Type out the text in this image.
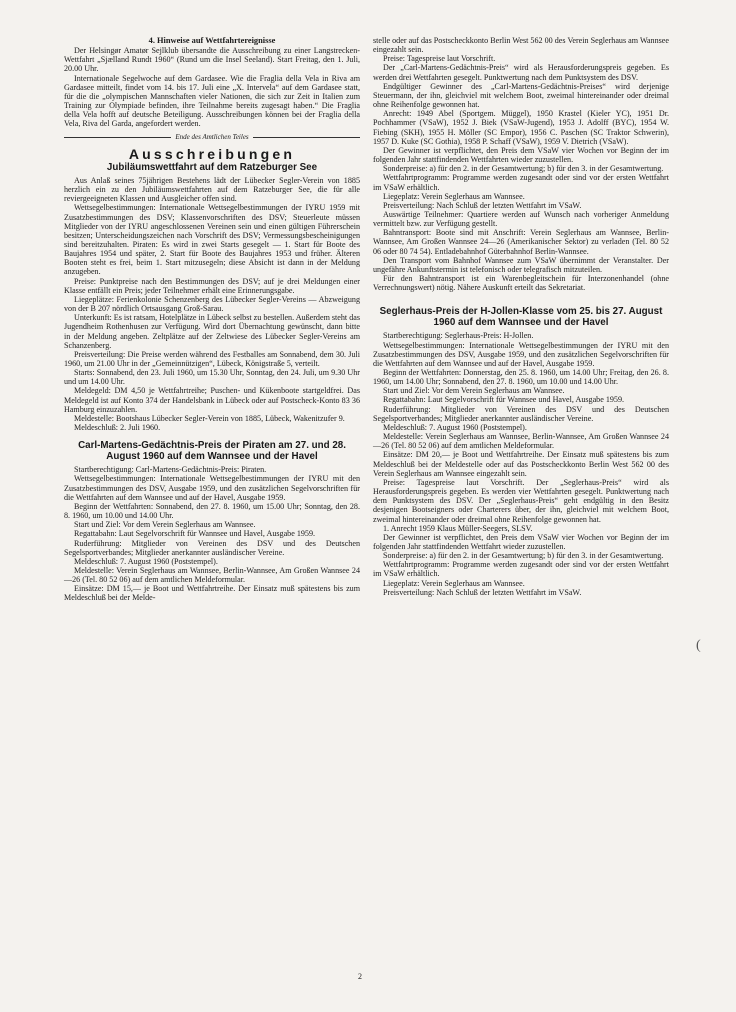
4. Hinweise auf Wettfahrtereignisse

Der Helsingør Amatør Sejlklub übersandte die Ausschreibung zu einer Langstrecken-Wettfahrt „Sjælland Rundt 1960“ (Rund um die Insel Seeland). Start Freitag, den 1. Juli, 20.00 Uhr.

Internationale Segelwoche auf dem Gardasee. Wie die Fraglia della Vela in Riva am Gardasee mitteilt, findet vom 14. bis 17. Juli eine „X. Intervela“ auf dem Gardasee statt, für die die „olympischen Mannschaften vieler Nationen, die sich zur Zeit in Italien zum Training zur Olympiade befinden, ihre Teilnahme bereits zugesagt haben.“ Die Fraglia della Vela hofft auf deutsche Beteiligung. Ausschreibungen können bei der Fraglia della Vela, Riva del Garda, angefordert werden.

Ende des Amtlichen Teiles
Ausschreibungen
Jubiläumswettfahrt auf dem Ratzeburger See

Aus Anlaß seines 75jährigen Bestehens lädt der Lübecker Segler-Verein von 1885 herzlich ein zu den Jubiläumswettfahrten auf dem Ratzeburger See, die für alle reviergeeigneten Klassen und Ausgleicher offen sind.

Wettsegelbestimmungen: Internationale Wettsegelbestimmungen der IYRU 1959 mit Zusatzbestimmungen des DSV; Klassenvorschriften des DSV; Steuerleute müssen Mitglieder von der IYRU angeschlossenen Vereinen sein und einen gültigen Führerschein besitzen; Unterscheidungszeichen nach Vorschrift des DSV; Vermessungsbescheinigungen sind bereitzuhalten. Piraten: Es wird in zwei Starts gesegelt — 1. Start für Boote des Baujahres 1954 und später, 2. Start für Boote des Baujahres 1953 und früher. Älteren Booten steht es frei, beim 1. Start mitzusegeln; diese Absicht ist dann in der Meldung anzugeben.

Preise: Punktpreise nach den Bestimmungen des DSV; auf je drei Meldungen einer Klasse entfällt ein Preis; jeder Teilnehmer erhält eine Erinnerungsgabe.

Liegeplätze: Ferienkolonie Schenzenberg des Lübecker Segler-Vereins — Abzweigung von der B 207 nördlich Ortsausgang Groß-Sarau.

Unterkunft: Es ist ratsam, Hotelplätze in Lübeck selbst zu bestellen. Außerdem steht das Jugendheim Rothenhusen zur Verfügung. Wird dort Übernachtung gewünscht, dann bitte in der Meldung angeben. Zeltplätze auf der Zeltwiese des Lübecker Segler-Vereins am Schanzenberg.

Preisverteilung: Die Preise werden während des Festballes am Sonnabend, dem 30. Juli 1960, um 21.00 Uhr in der „Gemeinnützigen“, Lübeck, Königstraße 5, verteilt.

Starts: Sonnabend, den 23. Juli 1960, um 15.30 Uhr, Sonntag, den 24. Juli, um 9.30 Uhr und um 14.00 Uhr.

Meldegeld: DM 4,50 je Wettfahrtreihe; Puschen- und Kükenboote startgeldfrei. Das Meldegeld ist auf Konto 374 der Handelsbank in Lübeck oder auf Postscheck-Konto 83 36 Hamburg einzuzahlen.

Meldestelle: Bootshaus Lübecker Segler-Verein von 1885, Lübeck, Wakenitzufer 9.

Meldeschluß: 2. Juli 1960.

Carl-Martens-Gedächtnis-Preis der Piraten am 27. und 28. August 1960 auf dem Wannsee und der Havel

Startberechtigung: Carl-Martens-Gedächtnis-Preis: Piraten.

Wettsegelbestimmungen: Internationale Wettsegelbestimmungen der IYRU mit den Zusatzbestimmungen des DSV, Ausgabe 1959, und den zusätzlichen Segelvorschriften für die Wettfahrten auf dem Wannsee und auf der Havel, Ausgabe 1959.

Beginn der Wettfahrten: Sonnabend, den 27. 8. 1960, um 15.00 Uhr; Sonntag, den 28. 8. 1960, um 10.00 und 14.00 Uhr.

Start und Ziel: Vor dem Verein Seglerhaus am Wannsee.

Regattabahn: Laut Segelvorschrift für Wannsee und Havel, Ausgabe 1959.

Ruderführung: Mitglieder von Vereinen des DSV und des Deutschen Segelsportverbandes; Mitglieder anerkannter ausländischer Vereine.

Meldeschluß: 7. August 1960 (Poststempel).

Meldestelle: Verein Seglerhaus am Wannsee, Berlin-Wannsee, Am Großen Wannsee 24—26 (Tel. 80 52 06) auf dem amtlichen Meldeformular.

Einsätze: DM 15,— je Boot und Wettfahrtreihe. Der Einsatz muß spätestens bis zum Meldeschluß bei der Melde-

stelle oder auf das Postscheckkonto Berlin West 562 00 des Verein Seglerhaus am Wannsee eingezahlt sein.

Preise: Tagespreise laut Vorschrift.

Der „Carl-Martens-Gedächtnis-Preis“ wird als Herausforderungspreis gegeben. Es werden drei Wettfahrten gesegelt. Punktwertung nach dem Punktsystem des DSV.

Endgültiger Gewinner des „Carl-Martens-Gedächtnis-Preises“ wird derjenige Steuermann, der ihn, gleichviel mit welchem Boot, zweimal hintereinander oder dreimal ohne Reihenfolge gewonnen hat.

Anrecht: 1949 Abel (Sportgem. Müggel), 1950 Krastel (Kieler YC), 1951 Dr. Pochhammer (VSaW), 1952 J. Biek (VSaW-Jugend), 1953 J. Adolff (BYC), 1954 W. Fiebing (SKH), 1955 H. Möller (SC Empor), 1956 C. Paschen (SC Traktor Schwerin), 1957 D. Kuke (SC Gothia), 1958 P. Schaff (VSaW), 1959 V. Dietrich (VSaW).

Der Gewinner ist verpflichtet, den Preis dem VSaW vier Wochen vor Beginn der im folgenden Jahr stattfindenden Wettfahrten wieder zuzustellen.

Sonderpreise: a) für den 2. in der Gesamtwertung; b) für den 3. in der Gesamtwertung.

Wettfahrtprogramm: Programme werden zugesandt oder sind vor der ersten Wettfahrt im VSaW erhältlich.

Liegeplatz: Verein Seglerhaus am Wannsee.

Preisverteilung: Nach Schluß der letzten Wettfahrt im VSaW.

Auswärtige Teilnehmer: Quartiere werden auf Wunsch nach vorheriger Anmeldung vermittelt bzw. zur Verfügung gestellt.

Bahntransport: Boote sind mit Anschrift: Verein Seglerhaus am Wannsee, Berlin-Wannsee, Am Großen Wannsee 24—26 (Amerikanischer Sektor) zu verladen (Tel. 80 52 06 oder 80 74 54). Entladebahnhof Güterbahnhof Berlin-Wannsee.

Den Transport vom Bahnhof Wannsee zum VSaW übernimmt der Veranstalter. Der ungefähre Ankunftstermin ist telefonisch oder telegrafisch mitzuteilen.

Für den Bahntransport ist ein Warenbegleitschein für Interzonenhandel (ohne Verrechnungswert) nötig. Nähere Auskunft erteilt das Sekretariat.

Seglerhaus-Preis der H-Jollen-Klasse vom 25. bis 27. August 1960 auf dem Wannsee und der Havel

Startberechtigung: Seglerhaus-Preis: H-Jollen.

Wettsegelbestimmungen: Internationale Wettsegelbestimmungen der IYRU mit den Zusatzbestimmungen des DSV, Ausgabe 1959, und den zusätzlichen Segelvorschriften für die Wettfahrten auf dem Wannsee und auf der Havel, Ausgabe 1959.

Beginn der Wettfahrten: Donnerstag, den 25. 8. 1960, um 14.00 Uhr; Freitag, den 26. 8. 1960, um 14.00 Uhr; Sonnabend, den 27. 8. 1960, um 10.00 und 14.00 Uhr.

Start und Ziel: Vor dem Verein Seglerhaus am Wannsee.

Regattabahn: Laut Segelvorschrift für Wannsee und Havel, Ausgabe 1959.

Ruderführung: Mitglieder von Vereinen des DSV und des Deutschen Segelsportverbandes; Mitglieder anerkannter ausländischer Vereine.

Meldeschluß: 7. August 1960 (Poststempel).

Meldestelle: Verein Seglerhaus am Wannsee, Berlin-Wannsee, Am Großen Wannsee 24—26 (Tel. 80 52 06) auf dem amtlichen Meldeformular.

Einsätze: DM 20,— je Boot und Wettfahrtreihe. Der Einsatz muß spätestens bis zum Meldeschluß bei der Meldestelle oder auf das Postscheckkonto Berlin West 562 00 des Verein Seglerhaus am Wannsee eingezahlt sein.

Preise: Tagespreise laut Vorschrift. Der „Seglerhaus-Preis“ wird als Herausforderungspreis gegeben. Es werden vier Wettfahrten gesegelt. Punktwertung nach dem Punktsystem des DSV. Der „Seglerhaus-Preis“ geht endgültig in den Besitz desjenigen Bootseigners oder Charterers über, der ihn, gleichviel mit welchem Boot, zweimal hintereinander oder dreimal ohne Reihenfolge gewonnen hat.

1. Anrecht 1959 Klaus Müller-Seegers, SLSV.

Der Gewinner ist verpflichtet, den Preis dem VSaW vier Wochen vor Beginn der im folgenden Jahr stattfindenden Wettfahrt wieder zuzustellen.

Sonderpreise: a) für den 2. in der Gesamtwertung; b) für den 3. in der Gesamtwertung.

Wettfahrtprogramm: Programme werden zugesandt oder sind vor der ersten Wettfahrt im VSaW erhältlich.

Liegeplatz: Verein Seglerhaus am Wannsee.

Preisverteilung: Nach Schluß der letzten Wettfahrt im VSaW.

2
(
